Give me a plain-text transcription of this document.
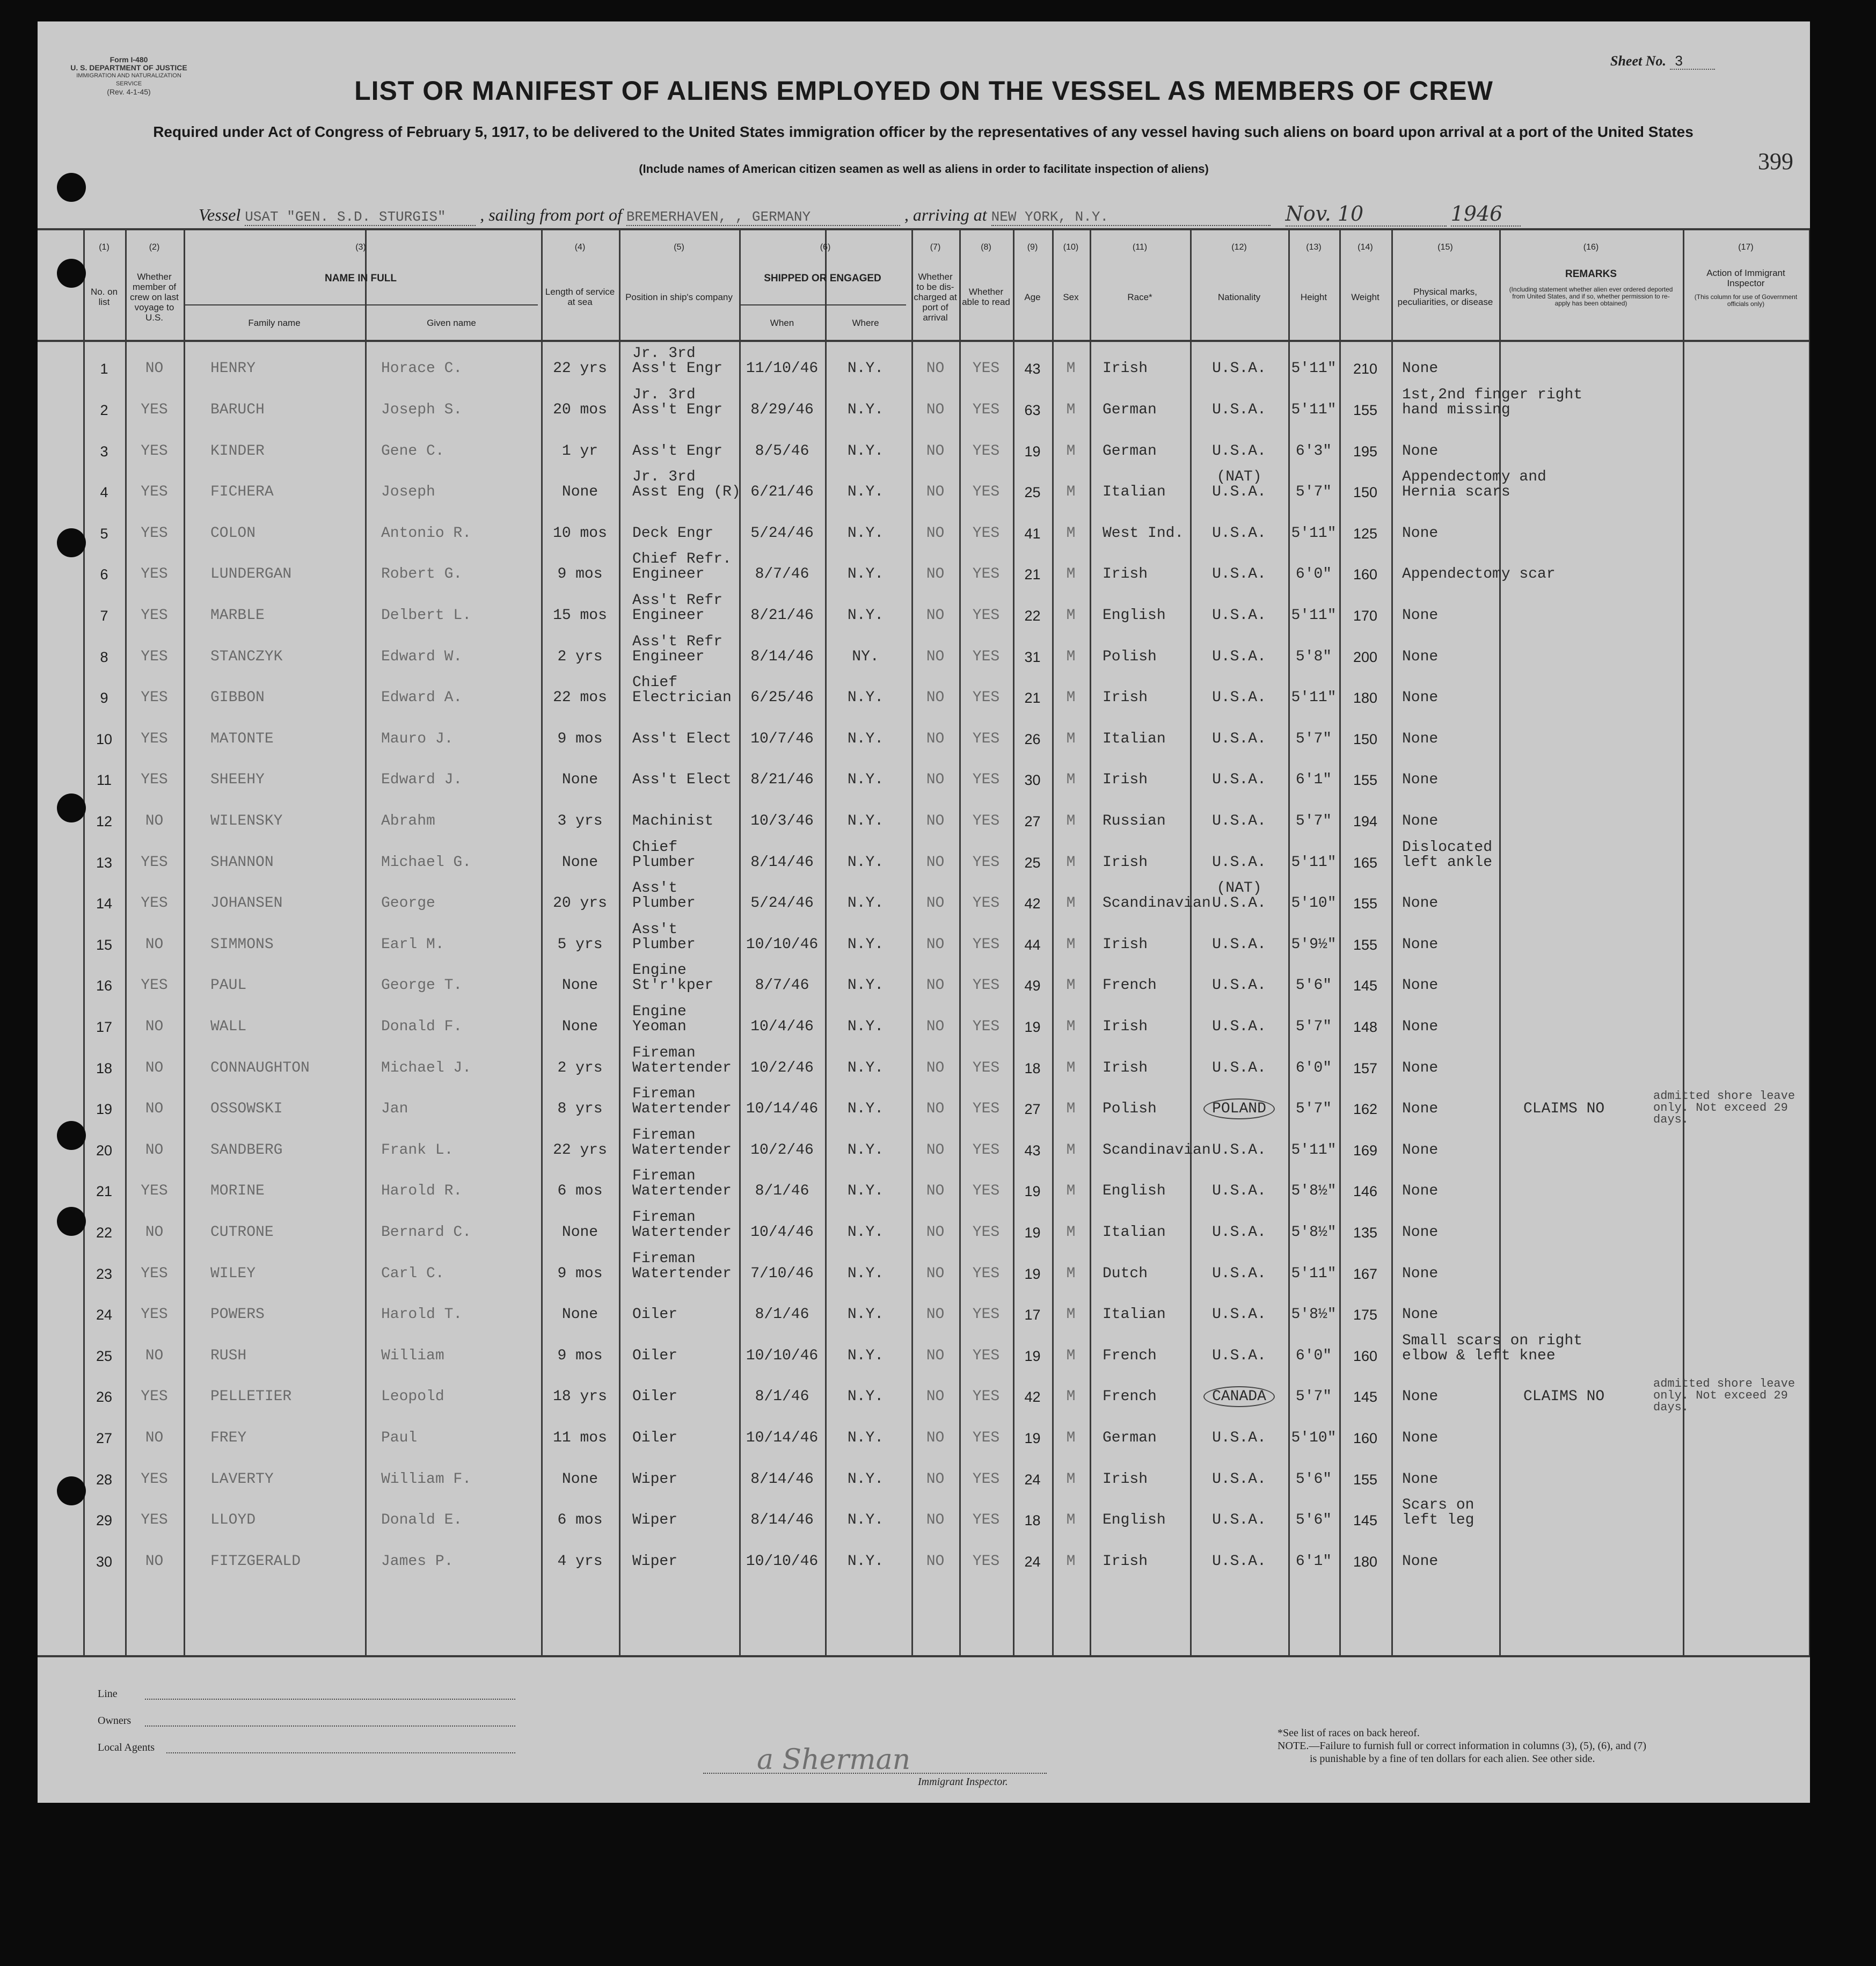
Form I-480
U. S. DEPARTMENT OF JUSTICE
IMMIGRATION AND NATURALIZATION SERVICE
(Rev. 4-1-45)
Sheet No. 3
LIST OR MANIFEST OF ALIENS EMPLOYED ON THE VESSEL AS MEMBERS OF CREW
Required under Act of Congress of February 5, 1917, to be delivered to the United States immigration officer by the representatives of any vessel having such aliens on board upon arrival at a port of the United States
(Include names of American citizen seamen as well as aliens in order to facilitate inspection of aliens)	399
Vessel USAT "GEN. S.D. STURGIS" , sailing from port of BREMERHAVEN, , GERMANY	, arriving at NEW YORK, N.Y.	Nov. 10	1946
(1)
No. on list
(2)
Whether member of crew on last voyage to U.S.
(4)
Length of service at sea
(5)
Position in ship's company
(7)
Whether to be dis-charged at port of arrival
(8)
Whether able to read
(9)
Age
(10)
Sex
(11)
Race*
(12)
Nationality
(13)
Height
(14)
Weight
(15)
Physical marks, peculiarities, or disease
(3)
NAME IN FULL
Family name	Given name
(6)
SHIPPED OR ENGAGED
When	Where
(16)
REMARKS
(Including statement whether alien ever ordered deported from United States, and if so, whether permission to re-apply has been obtained)
(17)
Action of Immigrant Inspector
(This column for use of Government officials only)
1	NO	HENRY	Horace C.	22 yrs
Jr. 3rd
Ass't Engr	11/10/46	N.Y.	NO	YES	43	M	Irish	U.S.A.	5'11"	210	None
2	YES	BARUCH	Joseph S.	20 mos
Jr. 3rd
Ass't Engr	8/29/46	N.Y.	NO	YES	63	M	German	U.S.A.	5'11"	155
1st,2nd finger right
hand missing
3	YES	KINDER	Gene C.	1 yr	Ass't Engr	8/5/46	N.Y.	NO	YES	19	M	German	U.S.A.	6'3"	195	None
4	YES	FICHERA	Joseph	None
Jr. 3rd
Asst Eng (R) 6/21/46	N.Y.	NO	YES	25	M	Italian
(NAT)
U.S.A.	5'7"	150
Appendectomy and
Hernia scars
5	YES	COLON	Antonio R.	10 mos	Deck Engr	5/24/46	N.Y.	NO	YES	41	M	West Ind.	U.S.A.	5'11"	125	None
6	YES	LUNDERGAN	Robert G.	9 mos
Chief Refr.
Engineer	8/7/46	N.Y.	NO	YES	21	M	Irish	U.S.A.	6'0"	160	Appendectomy scar
7	YES	MARBLE	Delbert L.	15 mos
Ass't Refr
Engineer	8/21/46	N.Y.	NO	YES	22	M	English	U.S.A.	5'11"	170	None
8	YES	STANCZYK	Edward W.	2 yrs
Ass't Refr
Engineer	8/14/46	NY.	NO	YES	31	M	Polish	U.S.A.	5'8"	200	None
9	YES	GIBBON	Edward A.	22 mos
Chief
Electrician	6/25/46	N.Y.	NO	YES	21	M	Irish	U.S.A.	5'11"	180	None
10	YES	MATONTE	Mauro J.	9 mos	Ass't Elect	10/7/46	N.Y.	NO	YES	26	M	Italian	U.S.A.	5'7"	150	None
11	YES	SHEEHY	Edward J.	None	Ass't Elect	8/21/46	N.Y.	NO	YES	30	M	Irish	U.S.A.	6'1"	155	None
12	NO	WILENSKY	Abrahm	3 yrs	Machinist	10/3/46	N.Y.	NO	YES	27	M	Russian	U.S.A.	5'7"	194	None
13	YES	SHANNON	Michael G.	None
Chief
Plumber	8/14/46	N.Y.	NO	YES	25	M	Irish	U.S.A.	5'11"	165
Dislocated
left ankle
14	YES	JOHANSEN	George	20 yrs
Ass't
Plumber	5/24/46	N.Y.	NO	YES	42	M	Scandinavian
(NAT)
U.S.A.	5'10"	155	None
15	NO	SIMMONS	Earl M.	5 yrs
Ass't
Plumber	10/10/46	N.Y.	NO	YES	44	M	Irish	U.S.A.	5'9½"	155	None
16	YES	PAUL	George T.	None
Engine
St'r'kper	8/7/46	N.Y.	NO	YES	49	M	French	U.S.A.	5'6"	145	None
17	NO	WALL	Donald F.	None
Engine
Yeoman	10/4/46	N.Y.	NO	YES	19	M	Irish	U.S.A.	5'7"	148	None
18	NO	CONNAUGHTON	Michael J.	2 yrs
Fireman
Watertender	10/2/46	N.Y.	NO	YES	18	M	Irish	U.S.A.	6'0"	157	None
19	NO	OSSOWSKI	Jan	8 yrs
Fireman
Watertender 10/14/46	N.Y.	NO	YES	27	M	Polish	POLAND	5'7"	162	None	CLAIMS NO
admitted shore leave only. Not exceed 29 days.
20	NO	SANDBERG	Frank L.	22 yrs
Fireman
Watertender	10/2/46	N.Y.	NO	YES	43	M	Scandinavian U.S.A.	5'11"	169	None
21	YES	MORINE	Harold R.	6 mos
Fireman
Watertender	8/1/46	N.Y.	NO	YES	19	M	English	U.S.A.	5'8½"	146	None
22	NO	CUTRONE	Bernard C.	None
Fireman
Watertender	10/4/46	N.Y.	NO	YES	19	M	Italian	U.S.A.	5'8½"	135	None
23	YES	WILEY	Carl C.	9 mos
Fireman
Watertender	7/10/46	N.Y.	NO	YES	19	M	Dutch	U.S.A.	5'11"	167	None
24	YES	POWERS	Harold T.	None	Oiler	8/1/46	N.Y.	NO	YES	17	M	Italian	U.S.A.	5'8½"	175	None
25	NO	RUSH	William	9 mos	Oiler	10/10/46	N.Y.	NO	YES	19	M	French	U.S.A.	6'0"	160
Small scars on right
elbow & left knee
26	YES	PELLETIER	Leopold	18 yrs	Oiler	8/1/46	N.Y.	NO	YES	42	M	French	CANADA	5'7"	145	None	CLAIMS NO
admitted shore leave only. Not exceed 29 days.
27	NO	FREY	Paul	11 mos	Oiler	10/14/46	N.Y.	NO	YES	19	M	German	U.S.A.	5'10"	160	None
28	YES	LAVERTY	William F.	None	Wiper	8/14/46	N.Y.	NO	YES	24	M	Irish	U.S.A.	5'6"	155	None
29	YES	LLOYD	Donald E.	6 mos	Wiper	8/14/46	N.Y.	NO	YES	18	M	English	U.S.A.	5'6"	145
Scars on
left leg
30	NO	FITZGERALD	James P.	4 yrs	Wiper	10/10/46	N.Y.	NO	YES	24	M	Irish	U.S.A.	6'1"	180	None
Line
Owners
Local Agents	a Sherman
Immigrant Inspector.
*See list of races on back hereof.
NOTE.—Failure to furnish full or correct information in columns (3), (5), (6), and (7)
is punishable by a fine of ten dollars for each alien. See other side.
